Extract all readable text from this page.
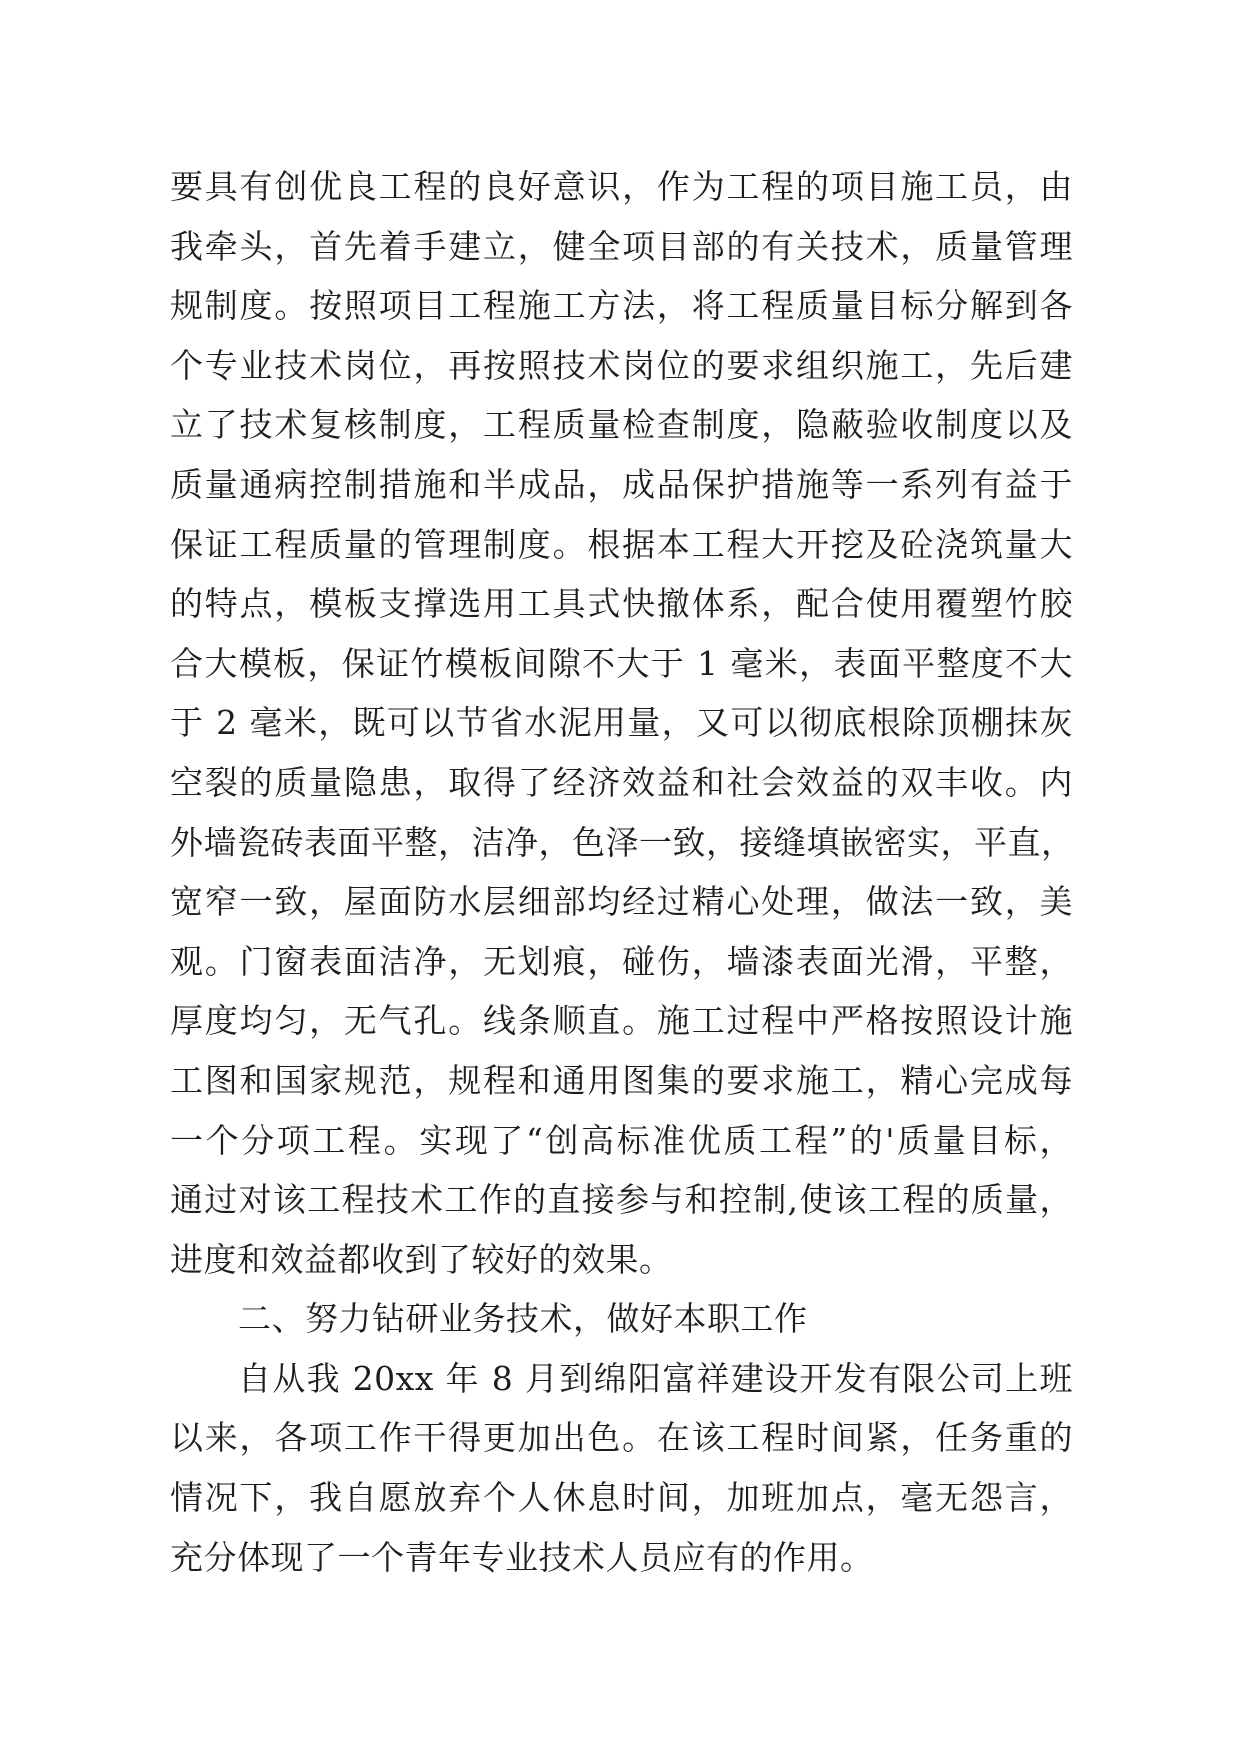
要具有创优良工程的良好意识，作为工程的项目施工员，由
我牵头，首先着手建立，健全项目部的有关技术，质量管理
规制度。按照项目工程施工方法，将工程质量目标分解到各
个专业技术岗位，再按照技术岗位的要求组织施工，先后建
立了技术复核制度，工程质量检查制度，隐蔽验收制度以及
质量通病控制措施和半成品，成品保护措施等一系列有益于
保证工程质量的管理制度。根据本工程大开挖及砼浇筑量大
的特点，模板支撑选用工具式快撤体系，配合使用覆塑竹胶
合大模板，保证竹模板间隙不大于 1 毫米，表面平整度不大
于 2 毫米，既可以节省水泥用量，又可以彻底根除顶棚抹灰
空裂的质量隐患，取得了经济效益和社会效益的双丰收。内
外墙瓷砖表面平整，洁净，色泽一致，接缝填嵌密实，平直，
宽窄一致，屋面防水层细部均经过精心处理，做法一致，美
观。门窗表面洁净，无划痕，碰伤，墙漆表面光滑，平整，
厚度均匀，无气孔。线条顺直。施工过程中严格按照设计施
工图和国家规范，规程和通用图集的要求施工，精心完成每
一个分项工程。实现了“创高标准优质工程”的'质量目标，
通过对该工程技术工作的直接参与和控制,使该工程的质量，
进度和效益都收到了较好的效果。
二、努力钻研业务技术，做好本职工作
自从我 20xx 年 8 月到绵阳富祥建设开发有限公司上班
以来，各项工作干得更加出色。在该工程时间紧，任务重的
情况下，我自愿放弃个人休息时间，加班加点，毫无怨言，
充分体现了一个青年专业技术人员应有的作用。
